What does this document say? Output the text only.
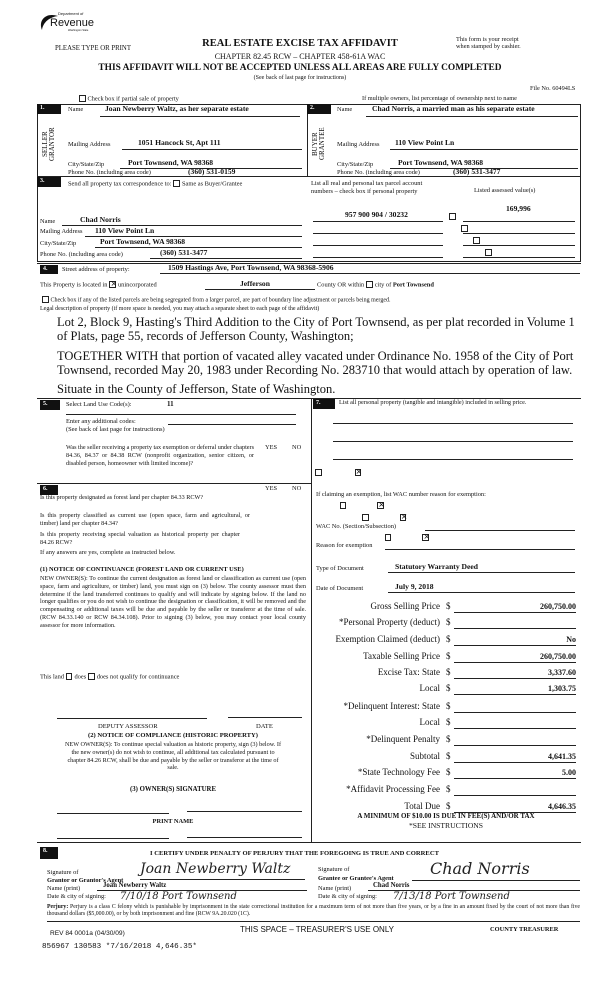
Department of
Revenue
Washington State
PLEASE TYPE OR PRINT	REAL ESTATE EXCISE TAX AFFIDAVIT
CHAPTER 82.45 RCW – CHAPTER 458-61A WAC
THIS AFFIDAVIT WILL NOT BE ACCEPTED UNLESS ALL AREAS ARE FULLY COMPLETED
(See back of last page for instructions)
This form is your receipt
when stamped by cashier.
File No. 60494LS
Check box if partial sale of property	If multiple owners, list percentage of ownership next to name
1.
SELLER GRANTOR
Name	Joan Newberry Waltz, as her separate estate
Mailing Address	1051 Hancock St, Apt 111
City/State/Zip	Port Townsend, WA 98368
Phone No. (including area code)	(360) 531-0159
2.
BUYER GRANTEE
Name	Chad Norris, a married man as his separate estate
Mailing Address 110 View Point Ln
City/State/Zip	Port Townsend, WA 98368
Phone No. (including area code)	(360) 531-3477
3.	Send all property tax correspondence to: Same as Buyer/Grantee
Name	Chad Norris
Mailing Address 110 View Point Ln
City/State/Zip	Port Townsend, WA 98368
Phone No. (including area code)	(360) 531-3477
List all real and personal tax parcel account
numbers – check box if personal property	Listed assessed value(s)
957 900 904 / 30232
169,996

4.	Street address of property:	1509 Hastings Ave, Port Townsend, WA 98368-5906
This Property is located in × unincorporated	Jefferson	County OR within city of Port Townsend
Check box if any of the listed parcels are being segregated from a larger parcel, are part of boundary line adjustment or parcels being merged.
Legal description of property (if more space is needed, you may attach a separate sheet to each page of the affidavit)
Lot 2, Block 9, Hasting's Third Addition to the City of Port Townsend, as per plat recorded in Volume 1 of Plats, page 55, records of Jefferson County, Washington;
TOGETHER WITH that portion of vacated alley vacated under Ordinance No. 1958 of the City of Port Townsend, recorded May 20, 1983 under Recording No. 283710 that would attach by operation of law.
Situate in the County of Jefferson, State of Washington.
5.	Select Land Use Code(s):	11
Enter any additional codes:
(See back of last page for instructions)
YES NO
Was the seller receiving a property tax exemption or deferral under chapters 84.36, 84.37 or 84.38 RCW (nonprofit organization, senior citizen, or disabled person, homeowner with limited income)?
×
6.	YES NO
Is this property designated as forest land per chapter 84.33 RCW?
×
Is this property classified as current use (open space, farm and agricultural, or timber) land per chapter 84.34?
×
Is this property receiving special valuation as historical property per chapter 84.26 RCW?
×
If any answers are yes, complete as instructed below.
(1) NOTICE OF CONTINUANCE (FOREST LAND OR CURRENT USE)
NEW OWNER(S): To continue the current designation as forest land or classification as current use (open space, farm and agriculture, or timber) land, you must sign on (3) below. The county assessor must then determine if the land transferred continues to qualify and will indicate by signing below. If the land no longer qualifies or you do not wish to continue the designation or classification, it will be removed and the compensating or additional taxes will be due and payable by the seller or transferor at the time of sale. (RCW 84.33.140 or RCW 84.34.108). Prior to signing (3) below, you may contact your local county assessor for more information.
This land does does not qualify for continuance
DEPUTY ASSESSOR	DATE
(2) NOTICE OF COMPLIANCE (HISTORIC PROPERTY)
NEW OWNER(S): To continue special valuation as historic property, sign (3) below. If the new owner(s) do not wish to continue, all additional tax calculated pursuant to chapter 84.26 RCW, shall be due and payable by the seller or transferor at the time of sale.
(3) OWNER(S) SIGNATURE
PRINT NAME
7.	List all personal property (tangible and intangible) included in selling price.
If claiming an exemption, list WAC number reason for exemption:
WAC No. (Section/Subsection)
Reason for exemption
Type of Document	Statutory Warranty Deed
Date of Document	July 9, 2018
Gross Selling Price $	260,750.00
*Personal Property (deduct) $
Exemption Claimed (deduct) $	No
Taxable Selling Price $	260,750.00
Excise Tax: State $	3,337.60
Local $	1,303.75
*Delinquent Interest: State $
Local $
*Delinquent Penalty $
Subtotal $	4,641.35
*State Technology Fee $	5.00
*Affidavit Processing Fee $
Total Due $	4,646.35
A MINIMUM OF $10.00 IS DUE IN FEE(S) AND/OR TAX
*SEE INSTRUCTIONS
8.	I CERTIFY UNDER PENALTY OF PERJURY THAT THE FOREGOING IS TRUE AND CORRECT
Signature of
Grantor or Grantor's Agent
Joan Newberry Waltz
Name (print)	Joan Newberry Waltz
Date & city of signing: 7/10/18 Port Townsend
Signature of
Grantee or Grantee's Agent
Chad Norris
Name (print)	Chad Norris
Date & city of signing: 7/13/18 Port Townsend
Perjury: Perjury is a class C felony which is punishable by imprisonment in the state correctional institution for a maximum term of not more than five years, or by a fine in an amount fixed by the court of not more than five thousand dollars ($5,000.00), or by both imprisonment and fine (RCW 9A.20.020 (1C).
REV 84 0001a (04/30/09)	THIS SPACE – TREASURER'S USE ONLY	COUNTY TREASURER
856967 130583 *7/16/2018 4,646.35*
